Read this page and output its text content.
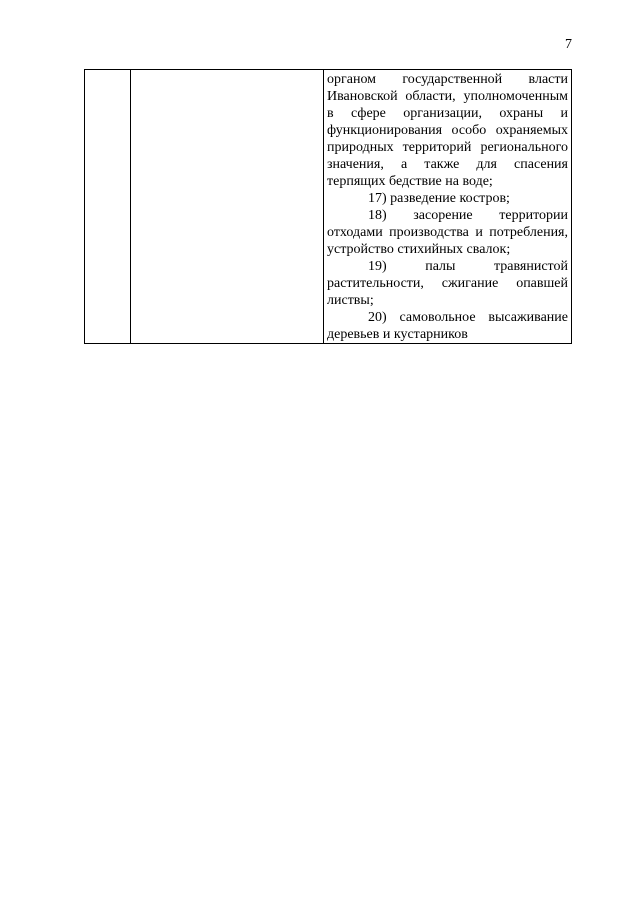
7

органом государственной власти Ивановской области, уполномоченным в сфере организации, охраны и функционирования особо охраняемых природных территорий регионального значения, а также для спасения терпящих бедствие на воде;

17) разведение костров;

18) засорение территории отходами производства и потребления, устройство стихийных свалок;

19) палы травянистой растительности, сжигание опавшей листвы;

20) самовольное высаживание деревьев и кустарников
